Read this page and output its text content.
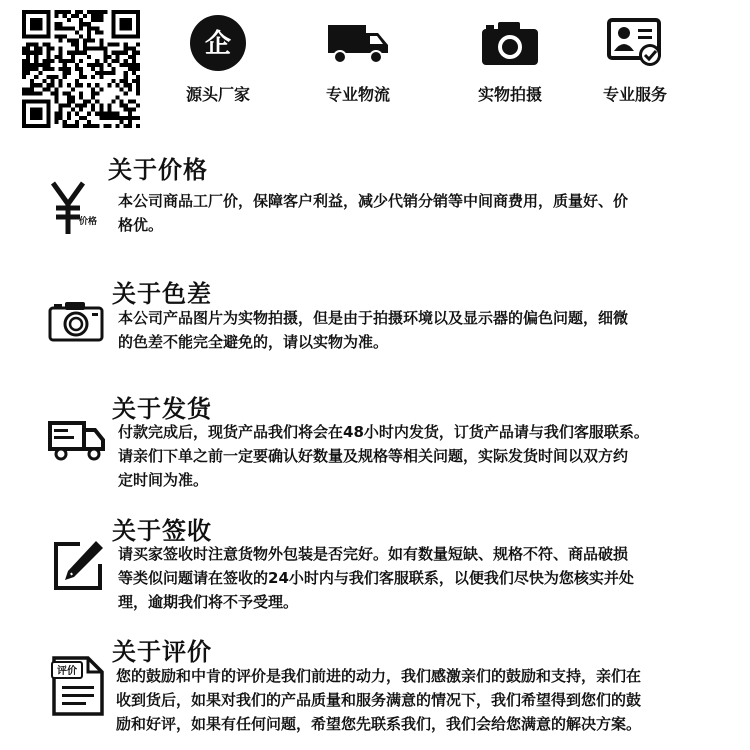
企
源头厂家	专业物流	实物拍摄	专业服务
价格
关于价格
本公司商品工厂价，保障客户利益，减少代销分销等中间商费用，质量好、价
格优。
关于色差
本公司产品图片为实物拍摄，但是由于拍摄环境以及显示器的偏色问题，细微
的色差不能完全避免的，请以实物为准。
关于发货
付款完成后，现货产品我们将会在48小时内发货，订货产品请与我们客服联系。
请亲们下单之前一定要确认好数量及规格等相关问题，实际发货时间以双方约
定时间为准。
关于签收
请买家签收时注意货物外包装是否完好。如有数量短缺、规格不符、商品破损
等类似问题请在签收的24小时内与我们客服联系，以便我们尽快为您核实并处
理，逾期我们将不予受理。
评价
关于评价
您的鼓励和中肯的评价是我们前进的动力，我们感激亲们的鼓励和支持，亲们在
收到货后，如果对我们的产品质量和服务满意的情况下，我们希望得到您们的鼓
励和好评，如果有任何问题，希望您先联系我们，我们会给您满意的解决方案。
